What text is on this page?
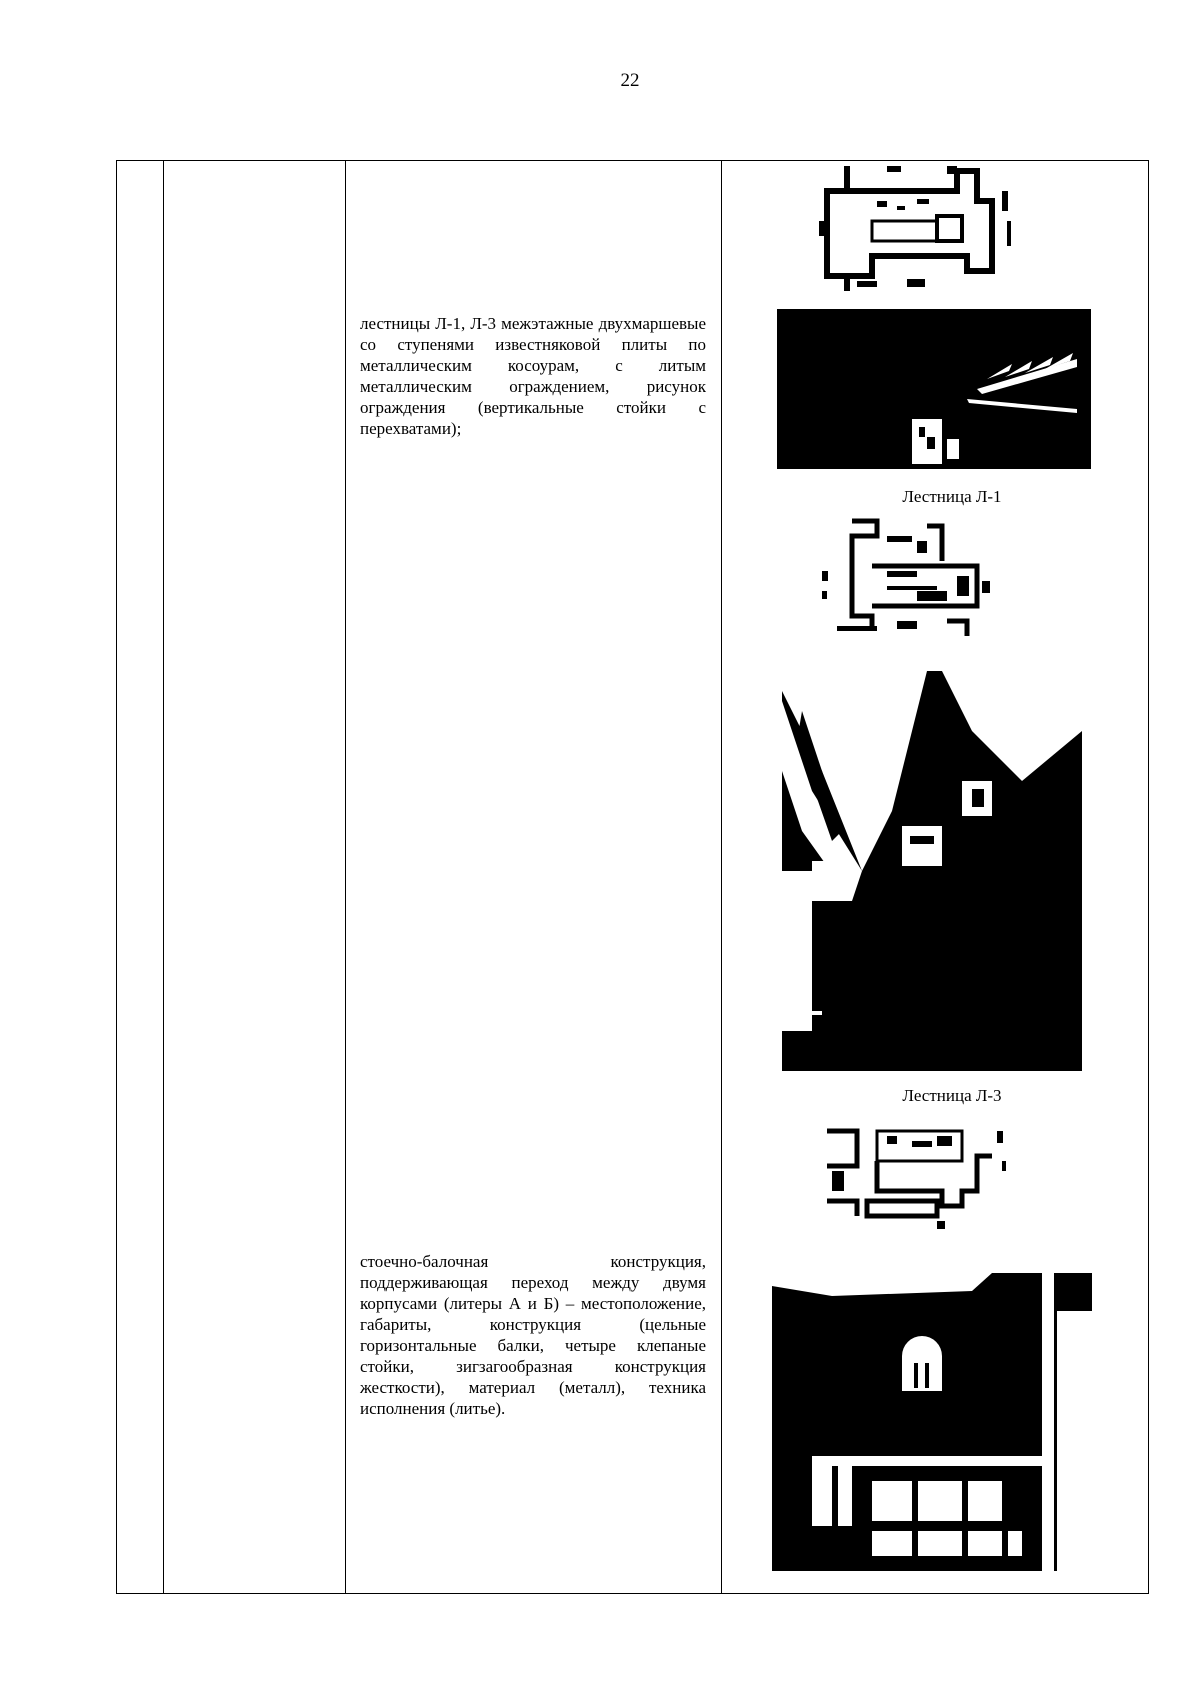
22
лестницы Л-1, Л-3 межэтажные двухмаршевые со ступенями известняковой плиты по металлическим косоурам, с литым металлическим ограждением, рисунок ограждения (вертикальные стойки с перехватами);
Лестница Л-1
Лестница Л-3
стоечно-балочная конструкция, поддерживающая переход между двумя корпусами (литеры А и Б) – местоположение, габариты, конструкция (цельные горизонтальные балки, четыре клепаные стойки, зигзагообразная конструкция жесткости), материал (металл), техника исполнения (литье).
